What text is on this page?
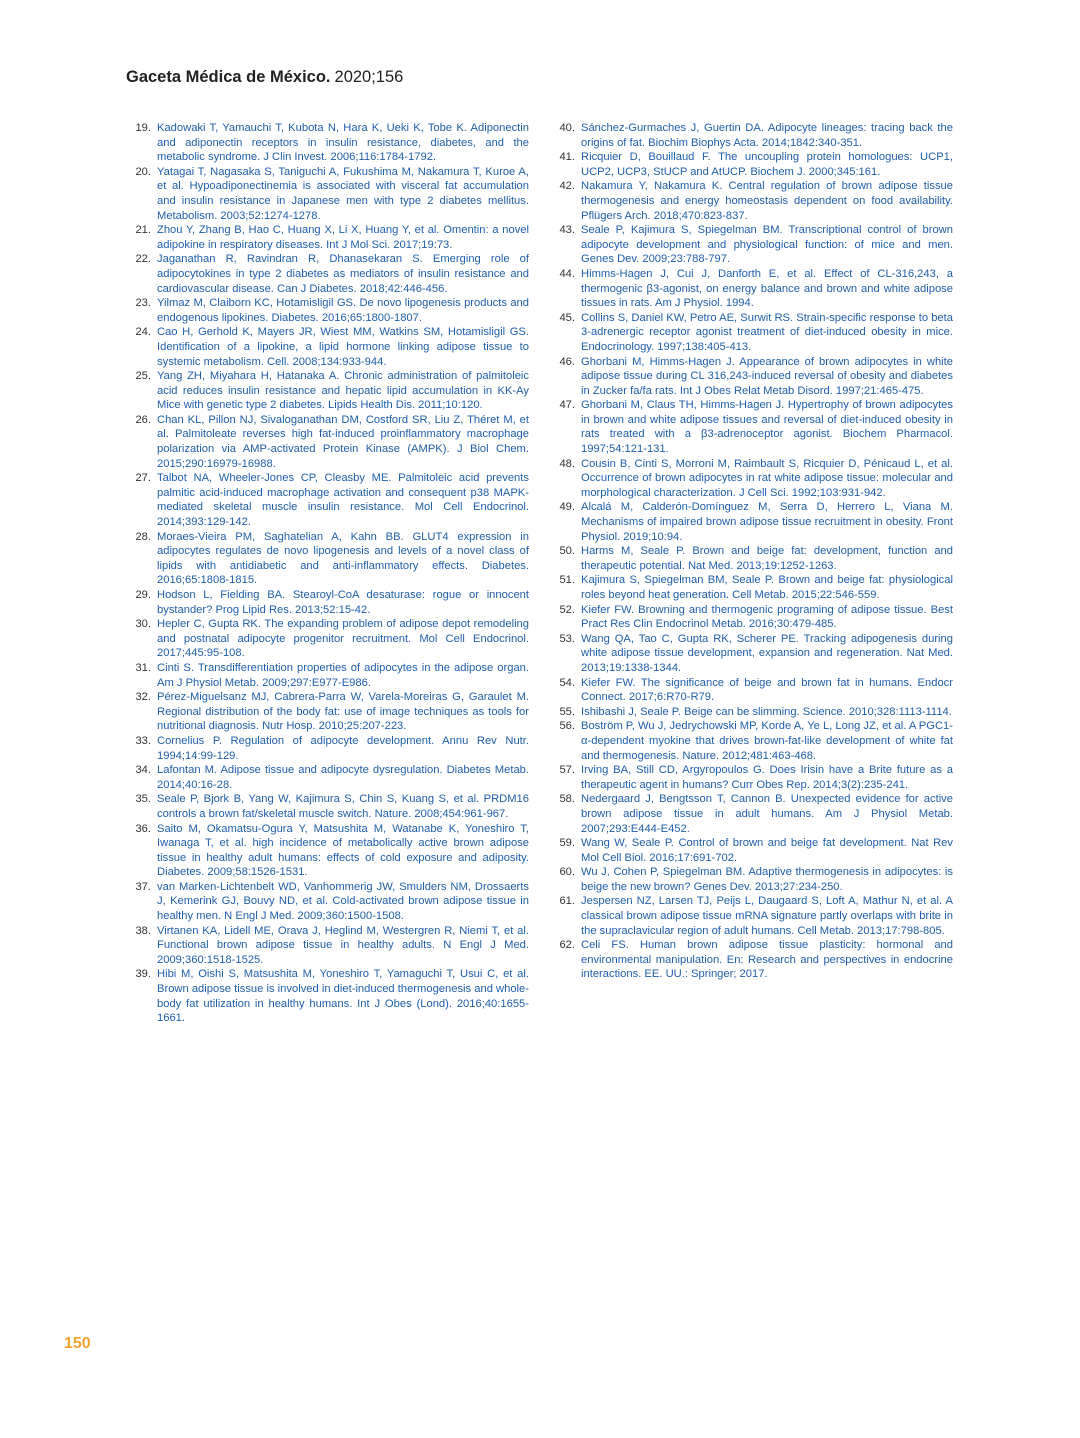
Gaceta Médica de México. 2020;156
19. Kadowaki T, Yamauchi T, Kubota N, Hara K, Ueki K, Tobe K. Adiponectin and adiponectin receptors in insulin resistance, diabetes, and the metabolic syndrome. J Clin Invest. 2006;116:1784-1792.
20. Yatagai T, Nagasaka S, Taniguchi A, Fukushima M, Nakamura T, Kuroe A, et al. Hypoadiponectinemia is associated with visceral fat accumulation and insulin resistance in Japanese men with type 2 diabetes mellitus. Metabolism. 2003;52:1274-1278.
21. Zhou Y, Zhang B, Hao C, Huang X, Li X, Huang Y, et al. Omentin: a novel adipokine in respiratory diseases. Int J Mol Sci. 2017;19:73.
22. Jaganathan R, Ravindran R, Dhanasekaran S. Emerging role of adipocytokines in type 2 diabetes as mediators of insulin resistance and cardiovascular disease. Can J Diabetes. 2018;42:446-456.
23. Yilmaz M, Claiborn KC, Hotamisligil GS. De novo lipogenesis products and endogenous lipokines. Diabetes. 2016;65:1800-1807.
24. Cao H, Gerhold K, Mayers JR, Wiest MM, Watkins SM, Hotamisligil GS. Identification of a lipokine, a lipid hormone linking adipose tissue to systemic metabolism. Cell. 2008;134:933-944.
25. Yang ZH, Miyahara H, Hatanaka A. Chronic administration of palmitoleic acid reduces insulin resistance and hepatic lipid accumulation in KK-Ay Mice with genetic type 2 diabetes. Lipids Health Dis. 2011;10:120.
26. Chan KL, Pillon NJ, Sivaloganathan DM, Costford SR, Liu Z, Théret M, et al. Palmitoleate reverses high fat-induced proinflammatory macrophage polarization via AMP-activated Protein Kinase (AMPK). J Biol Chem. 2015;290:16979-16988.
27. Talbot NA, Wheeler-Jones CP, Cleasby ME. Palmitoleic acid prevents palmitic acid-induced macrophage activation and consequent p38 MAPK-mediated skeletal muscle insulin resistance. Mol Cell Endocrinol. 2014;393:129-142.
28. Moraes-Vieira PM, Saghatelian A, Kahn BB. GLUT4 expression in adipocytes regulates de novo lipogenesis and levels of a novel class of lipids with antidiabetic and anti-inflammatory effects. Diabetes. 2016;65:1808-1815.
29. Hodson L, Fielding BA. Stearoyl-CoA desaturase: rogue or innocent bystander? Prog Lipid Res. 2013;52:15-42.
30. Hepler C, Gupta RK. The expanding problem of adipose depot remodeling and postnatal adipocyte progenitor recruitment. Mol Cell Endocrinol. 2017;445:95-108.
31. Cinti S. Transdifferentiation properties of adipocytes in the adipose organ. Am J Physiol Metab. 2009;297:E977-E986.
32. Pérez-Miguelsanz MJ, Cabrera-Parra W, Varela-Moreiras G, Garaulet M. Regional distribution of the body fat: use of image techniques as tools for nutritional diagnosis. Nutr Hosp. 2010;25:207-223.
33. Cornelius P. Regulation of adipocyte development. Annu Rev Nutr. 1994;14:99-129.
34. Lafontan M. Adipose tissue and adipocyte dysregulation. Diabetes Metab. 2014;40:16-28.
35. Seale P, Bjork B, Yang W, Kajimura S, Chin S, Kuang S, et al. PRDM16 controls a brown fat/skeletal muscle switch. Nature. 2008;454:961-967.
36. Saito M, Okamatsu-Ogura Y, Matsushita M, Watanabe K, Yoneshiro T, Iwanaga T, et al. high incidence of metabolically active brown adipose tissue in healthy adult humans: effects of cold exposure and adiposity. Diabetes. 2009;58:1526-1531.
37. van Marken-Lichtenbelt WD, Vanhommerig JW, Smulders NM, Drossaerts J, Kemerink GJ, Bouvy ND, et al. Cold-activated brown adipose tissue in healthy men. N Engl J Med. 2009;360:1500-1508.
38. Virtanen KA, Lidell ME, Orava J, Heglind M, Westergren R, Niemi T, et al. Functional brown adipose tissue in healthy adults. N Engl J Med. 2009;360:1518-1525.
39. Hibi M, Oishi S, Matsushita M, Yoneshiro T, Yamaguchi T, Usui C, et al. Brown adipose tissue is involved in diet-induced thermogenesis and whole-body fat utilization in healthy humans. Int J Obes (Lond). 2016;40:1655-1661.
40. Sánchez-Gurmaches J, Guertin DA. Adipocyte lineages: tracing back the origins of fat. Biochim Biophys Acta. 2014;1842:340-351.
41. Ricquier D, Bouillaud F. The uncoupling protein homologues: UCP1, UCP2, UCP3, StUCP and AtUCP. Biochem J. 2000;345:161.
42. Nakamura Y, Nakamura K. Central regulation of brown adipose tissue thermogenesis and energy homeostasis dependent on food availability. Pflügers Arch. 2018;470:823-837.
43. Seale P, Kajimura S, Spiegelman BM. Transcriptional control of brown adipocyte development and physiological function: of mice and men. Genes Dev. 2009;23:788-797.
44. Himms-Hagen J, Cui J, Danforth E, et al. Effect of CL-316,243, a thermogenic β3-agonist, on energy balance and brown and white adipose tissues in rats. Am J Physiol. 1994.
45. Collins S, Daniel KW, Petro AE, Surwit RS. Strain-specific response to beta 3-adrenergic receptor agonist treatment of diet-induced obesity in mice. Endocrinology. 1997;138:405-413.
46. Ghorbani M, Himms-Hagen J. Appearance of brown adipocytes in white adipose tissue during CL 316,243-induced reversal of obesity and diabetes in Zucker fa/fa rats. Int J Obes Relat Metab Disord. 1997;21:465-475.
47. Ghorbani M, Claus TH, Himms-Hagen J. Hypertrophy of brown adipocytes in brown and white adipose tissues and reversal of diet-induced obesity in rats treated with a β3-adrenoceptor agonist. Biochem Pharmacol. 1997;54:121-131.
48. Cousin B, Cinti S, Morroni M, Raimbault S, Ricquier D, Pénicaud L, et al. Occurrence of brown adipocytes in rat white adipose tissue: molecular and morphological characterization. J Cell Sci. 1992;103:931-942.
49. Alcalá M, Calderón-Domínguez M, Serra D, Herrero L, Viana M. Mechanisms of impaired brown adipose tissue recruitment in obesity. Front Physiol. 2019;10:94.
50. Harms M, Seale P. Brown and beige fat: development, function and therapeutic potential. Nat Med. 2013;19:1252-1263.
51. Kajimura S, Spiegelman BM, Seale P. Brown and beige fat: physiological roles beyond heat generation. Cell Metab. 2015;22:546-559.
52. Kiefer FW. Browning and thermogenic programing of adipose tissue. Best Pract Res Clin Endocrinol Metab. 2016;30:479-485.
53. Wang QA, Tao C, Gupta RK, Scherer PE. Tracking adipogenesis during white adipose tissue development, expansion and regeneration. Nat Med. 2013;19:1338-1344.
54. Kiefer FW. The significance of beige and brown fat in humans. Endocr Connect. 2017;6:R70-R79.
55. Ishibashi J, Seale P. Beige can be slimming. Science. 2010;328:1113-1114.
56. Boström P, Wu J, Jedrychowski MP, Korde A, Ye L, Long JZ, et al. A PGC1-α-dependent myokine that drives brown-fat-like development of white fat and thermogenesis. Nature. 2012;481:463-468.
57. Irving BA, Still CD, Argyropoulos G. Does Irisin have a Brite future as a therapeutic agent in humans? Curr Obes Rep. 2014;3(2):235-241.
58. Nedergaard J, Bengtsson T, Cannon B. Unexpected evidence for active brown adipose tissue in adult humans. Am J Physiol Metab. 2007;293:E444-E452.
59. Wang W, Seale P. Control of brown and beige fat development. Nat Rev Mol Cell Biol. 2016;17:691-702.
60. Wu J, Cohen P, Spiegelman BM. Adaptive thermogenesis in adipocytes: is beige the new brown? Genes Dev. 2013;27:234-250.
61. Jespersen NZ, Larsen TJ, Peijs L, Daugaard S, Loft A, Mathur N, et al. A classical brown adipose tissue mRNA signature partly overlaps with brite in the supraclavicular region of adult humans. Cell Metab. 2013;17:798-805.
62. Celi FS. Human brown adipose tissue plasticity: hormonal and environmental manipulation. En: Research and perspectives in endocrine interactions. EE. UU.: Springer; 2017.
150
